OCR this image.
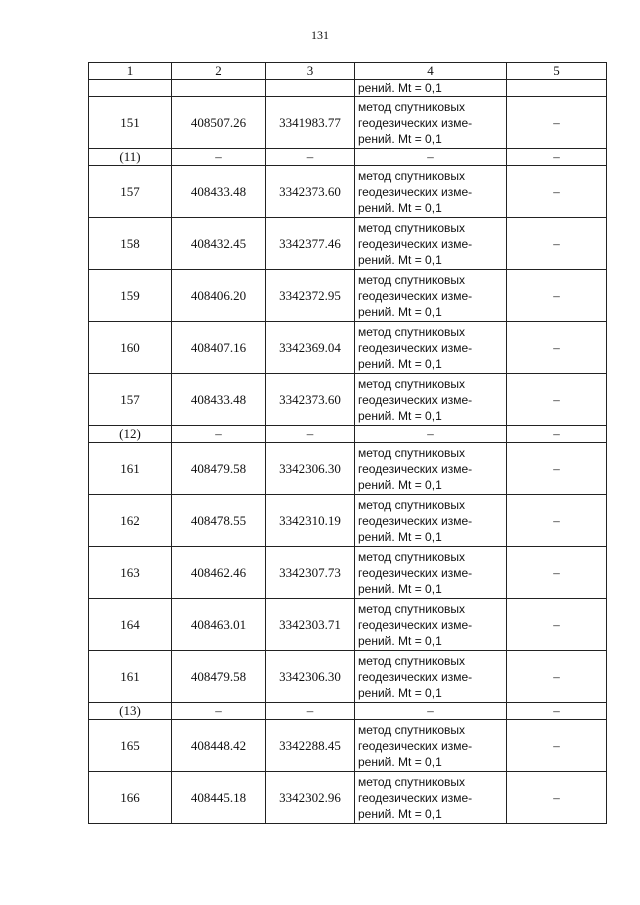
131
1	2	3	4	5
			рений. Mt = 0,1	
151	408507.26	3341983.77	метод спутниковых геодезических изме-рений. Mt = 0,1	–
(11)	–	–	–	–
157	408433.48	3342373.60	метод спутниковых геодезических изме-рений. Mt = 0,1	–
158	408432.45	3342377.46	метод спутниковых геодезических изме-рений. Mt = 0,1	–
159	408406.20	3342372.95	метод спутниковых геодезических изме-рений. Mt = 0,1	–
160	408407.16	3342369.04	метод спутниковых геодезических изме-рений. Mt = 0,1	–
157	408433.48	3342373.60	метод спутниковых геодезических изме-рений. Mt = 0,1	–
(12)	–	–	–	–
161	408479.58	3342306.30	метод спутниковых геодезических изме-рений. Mt = 0,1	–
162	408478.55	3342310.19	метод спутниковых геодезических изме-рений. Mt = 0,1	–
163	408462.46	3342307.73	метод спутниковых геодезических изме-рений. Mt = 0,1	–
164	408463.01	3342303.71	метод спутниковых геодезических изме-рений. Mt = 0,1	–
161	408479.58	3342306.30	метод спутниковых геодезических изме-рений. Mt = 0,1	–
(13)	–	–	–	–
165	408448.42	3342288.45	метод спутниковых геодезических изме-рений. Mt = 0,1	–
166	408445.18	3342302.96	метод спутниковых геодезических изме-рений. Mt = 0,1	–
